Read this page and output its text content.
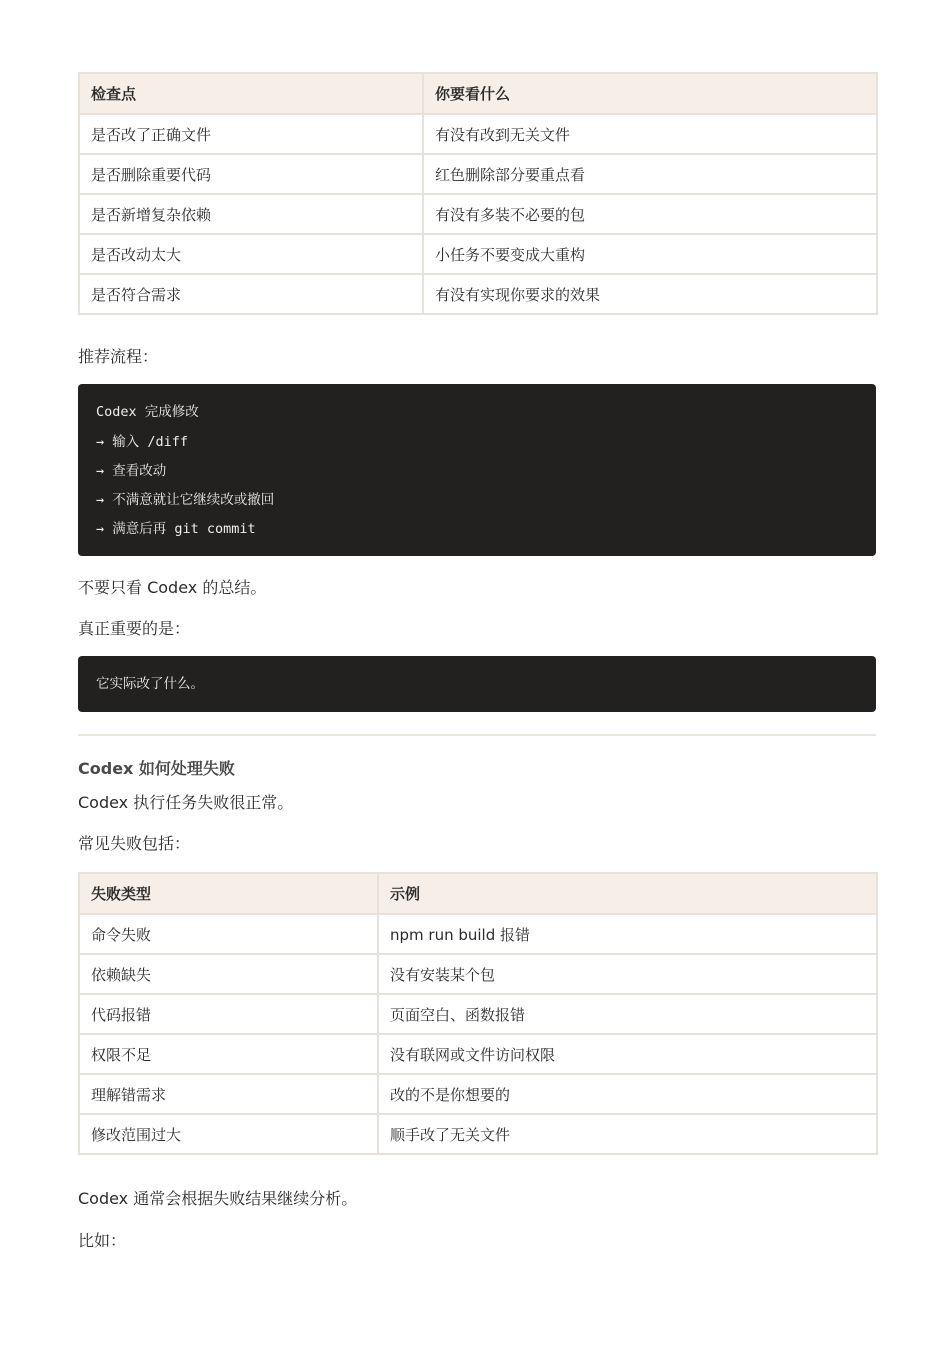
检查点	你要看什么
是否改了正确文件	有没有改到无关文件
是否删除重要代码	红色删除部分要重点看
是否新增复杂依赖	有没有多装不必要的包
是否改动太大	小任务不要变成大重构
是否符合需求	有没有实现你要求的效果
推荐流程：
Codex 完成修改
→ 输入 /diff
→ 查看改动
→ 不满意就让它继续改或撤回
→ 满意后再 git commit
不要只看 Codex 的总结。
真正重要的是：
它实际改了什么。
Codex 如何处理失败
Codex 执行任务失败很正常。
常见失败包括：
失败类型	示例
命令失败	npm run build 报错
依赖缺失	没有安装某个包
代码报错	页面空白、函数报错
权限不足	没有联网或文件访问权限
理解错需求	改的不是你想要的
修改范围过大	顺手改了无关文件
Codex 通常会根据失败结果继续分析。
比如：
